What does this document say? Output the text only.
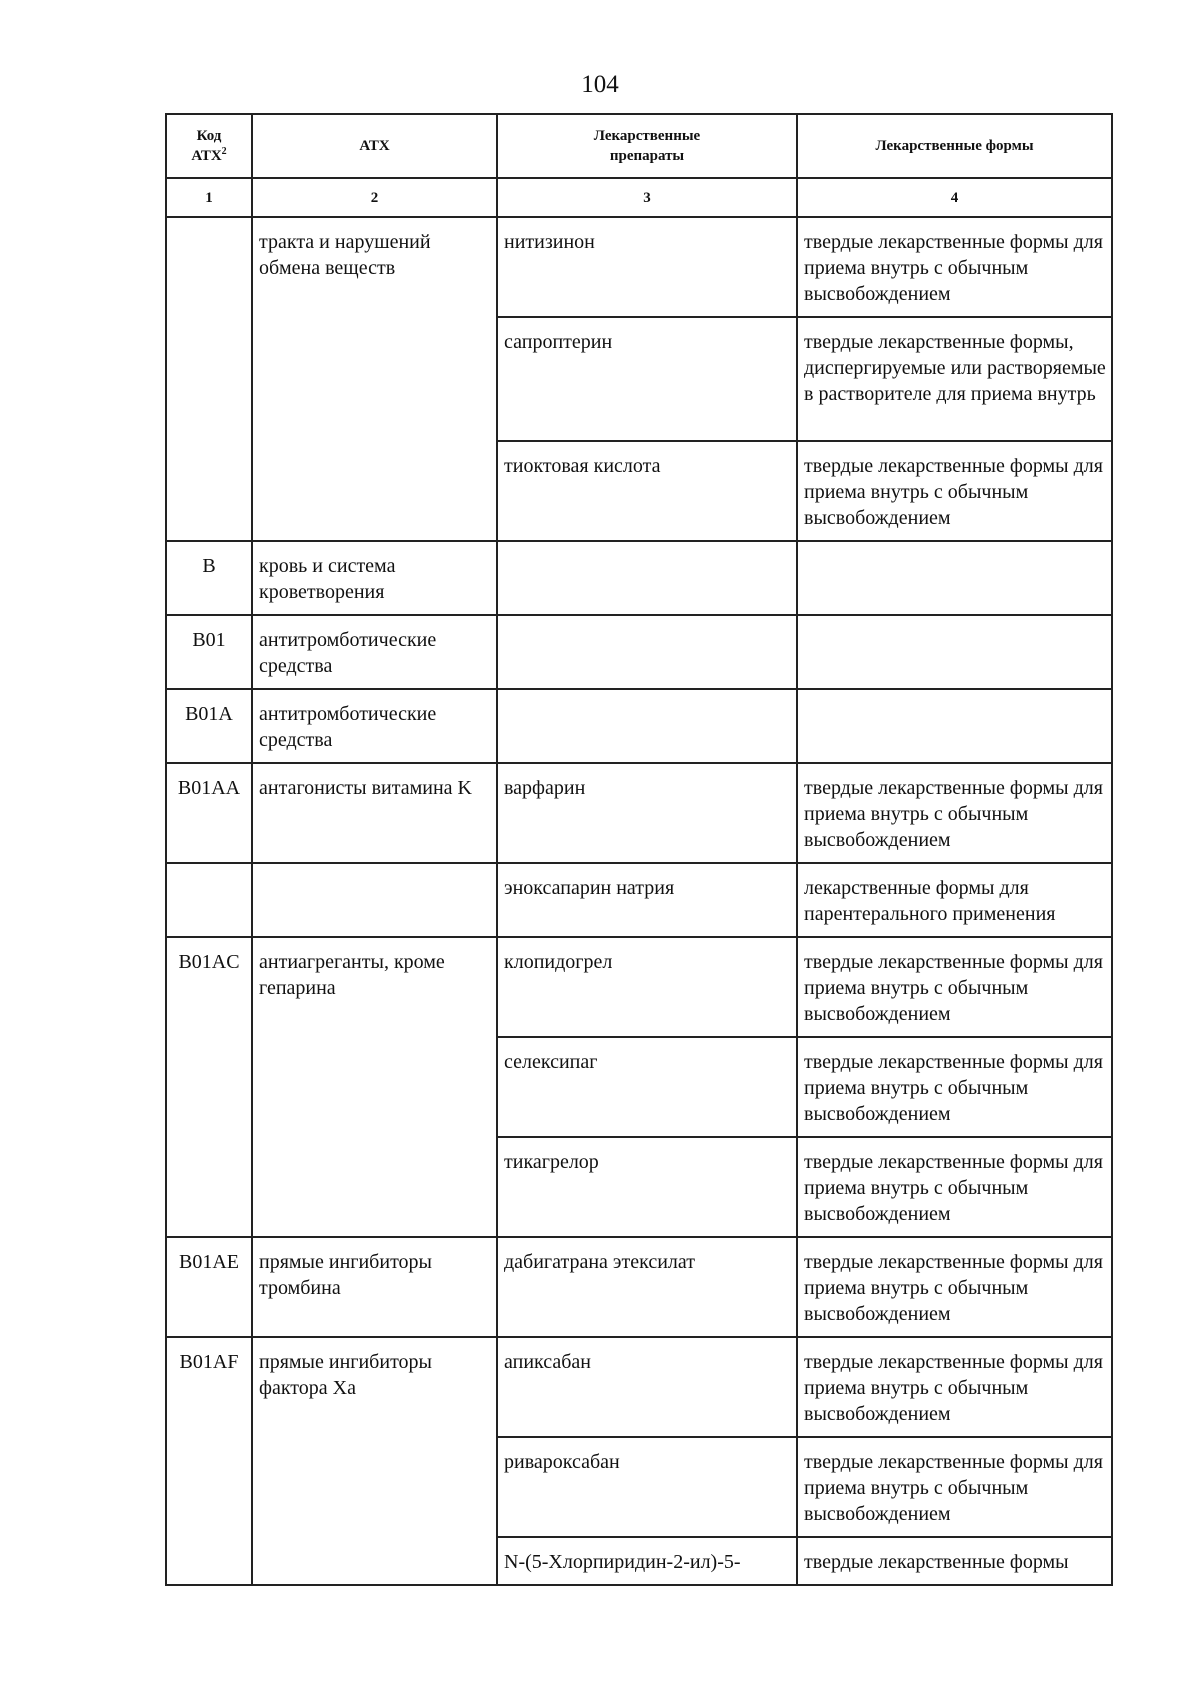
104
Код
АТХ$^2$	АТХ	Лекарственные препараты	Лекарственные формы
1	2	3	4
	тракта и нарушений обмена веществ	нитизинон	твердые лекарственные формы для приема внутрь с обычным высвобождением
		сапроптерин	твердые лекарственные формы, диспергируемые или растворяемые в растворителе для приема внутрь
		тиоктовая кислота	твердые лекарственные формы для приема внутрь с обычным высвобождением
B	кровь и система кроветворения		
B01	антитромботические средства		
B01A	антитромботические средства		
B01AA	антагонисты витамина K	варфарин	твердые лекарственные формы для приема внутрь с обычным высвобождением
		эноксапарин натрия	лекарственные формы для парентерального применения
B01AC	антиагреганты, кроме гепарина	клопидогрел	твердые лекарственные формы для приема внутрь с обычным высвобождением
		селексипаг	твердые лекарственные формы для приема внутрь с обычным высвобождением
		тикагрелор	твердые лекарственные формы для приема внутрь с обычным высвобождением
B01AE	прямые ингибиторы тромбина	дабигатрана этексилат	твердые лекарственные формы для приема внутрь с обычным высвобождением
B01AF	прямые ингибиторы фактора Xa	апиксабан	твердые лекарственные формы для приема внутрь с обычным высвобождением
		ривароксабан	твердые лекарственные формы для приема внутрь с обычным высвобождением
		N-(5-Хлорпиридин-2-ил)-5-	твердые лекарственные формы
